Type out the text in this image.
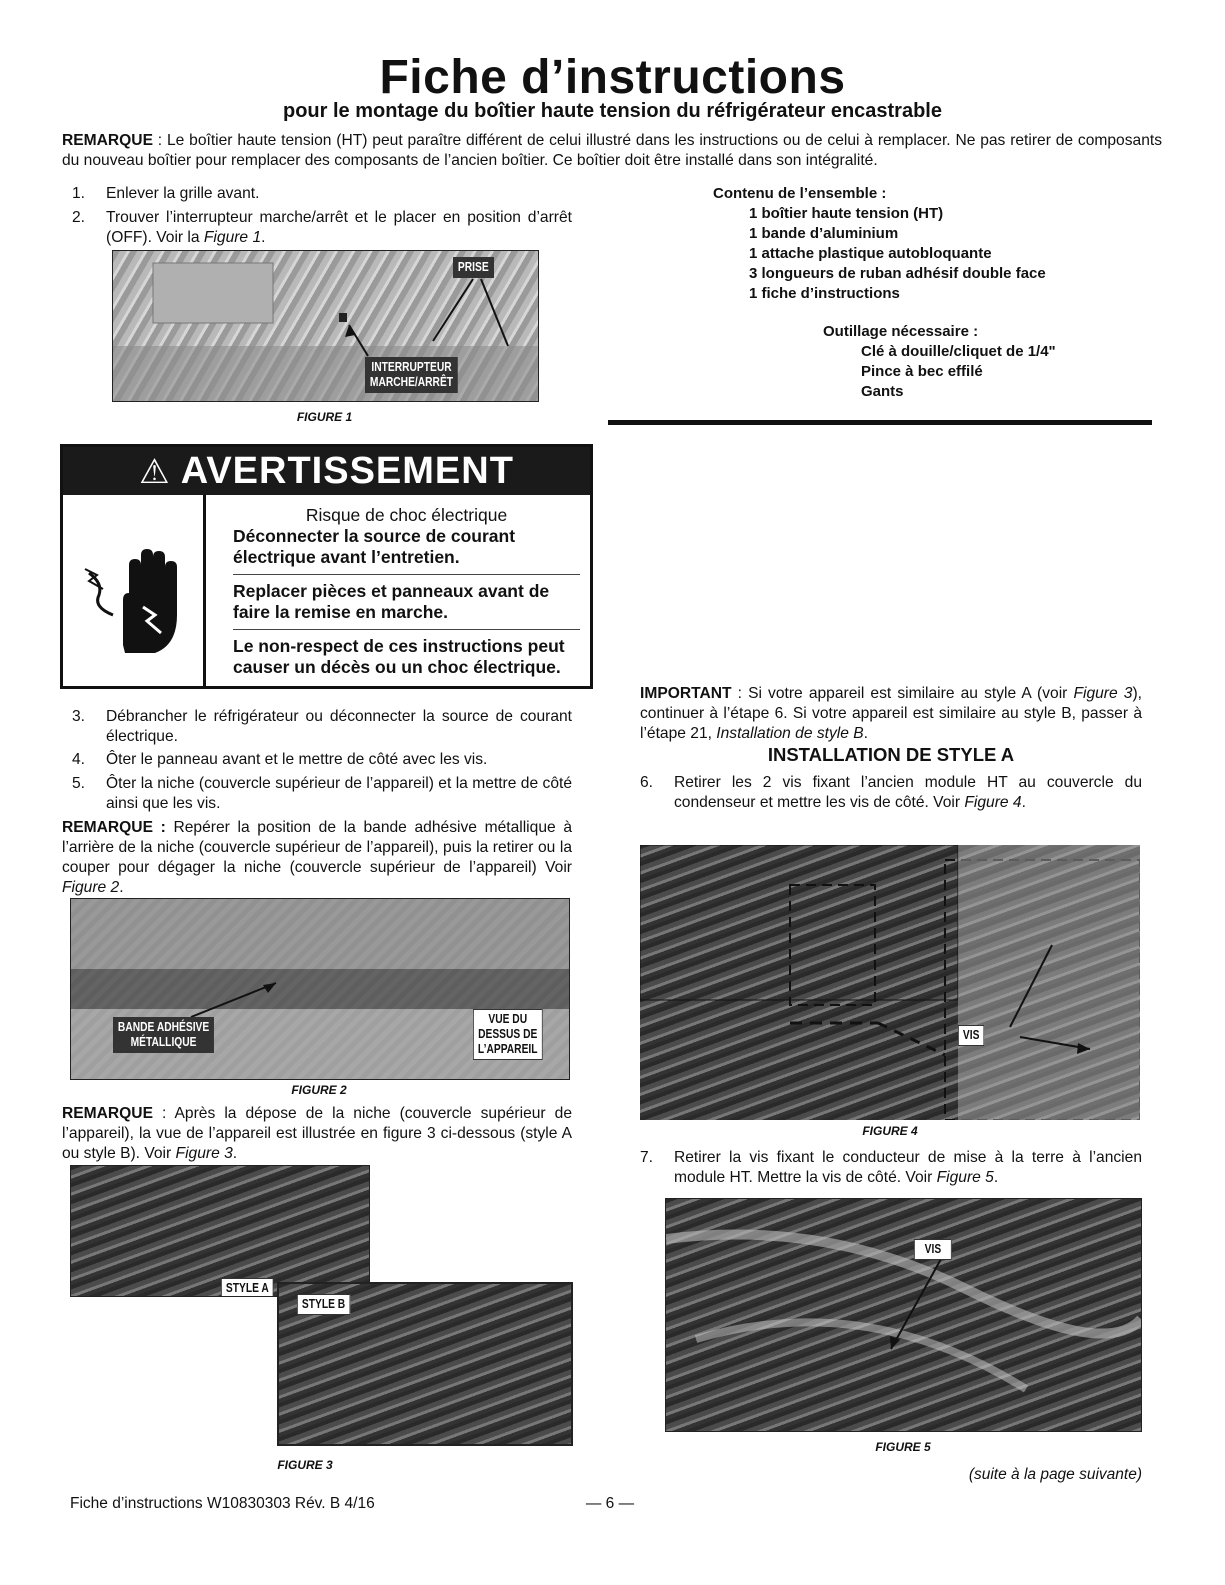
Fiche d’instructions
pour le montage du boîtier haute tension du réfrigérateur encastrable
REMARQUE : Le boîtier haute tension (HT) peut paraître différent de celui illustré dans les instructions ou de celui à remplacer. Ne pas retirer de composants du nouveau boîtier pour remplacer des composants de l’ancien boîtier. Ce boîtier doit être installé dans son intégralité.
1. Enlever la grille avant.
2. Trouver l’interrupteur marche/arrêt et le placer en position d’arrêt (OFF). Voir la Figure 1.
PRISE
INTERRUPTEUR
MARCHE/ARRÊT
FIGURE 1
Contenu de l’ensemble :
1 boîtier haute tension (HT)
1 bande d’aluminium
1 attache plastique autobloquante
3 longueurs de ruban adhésif double face
1 fiche d’instructions
Outillage nécessaire :
Clé à douille/cliquet de 1/4"
Pince à bec effilé
Gants
⚠ AVERTISSEMENT

Risque de choc électrique

Déconnecter la source de courant électrique avant l’entretien.

Replacer pièces et panneaux avant de faire la remise en marche.

Le non-respect de ces instructions peut causer un décès ou un choc électrique.

3. Débrancher le réfrigérateur ou déconnecter la source de courant électrique.
4. Ôter le panneau avant et le mettre de côté avec les vis.
5. Ôter la niche (couvercle supérieur de l’appareil) et la mettre de côté ainsi que les vis.
REMARQUE : Repérer la position de la bande adhésive métallique à l’arrière de la niche (couvercle supérieur de l’appareil), puis la retirer ou la couper pour dégager la niche (couvercle supérieur de l’appareil) Voir Figure 2.
BANDE ADHÉSIVE
MÉTALLIQUE
VUE DU
DESSUS DE
L’APPAREIL
FIGURE 2
REMARQUE : Après la dépose de la niche (couvercle supérieur de l’appareil), la vue de l’appareil est illustrée en figure 3 ci-dessous (style A ou style B). Voir Figure 3.
STYLE A
STYLE B
FIGURE 3
IMPORTANT : Si votre appareil est similaire au style A (voir Figure 3), continuer à l’étape 6. Si votre appareil est similaire au style B, passer à l’étape 21, Installation de style B.
INSTALLATION DE STYLE A
6. Retirer les 2 vis fixant l’ancien module HT au couvercle du condenseur et mettre les vis de côté. Voir Figure 4.
VIS
FIGURE 4
7. Retirer la vis fixant le conducteur de mise à la terre à l’ancien module HT. Mettre la vis de côté. Voir Figure 5.
VIS
FIGURE 5
(suite à la page suivante)
Fiche d’instructions W10830303 Rév. B 4/16	— 6 —
